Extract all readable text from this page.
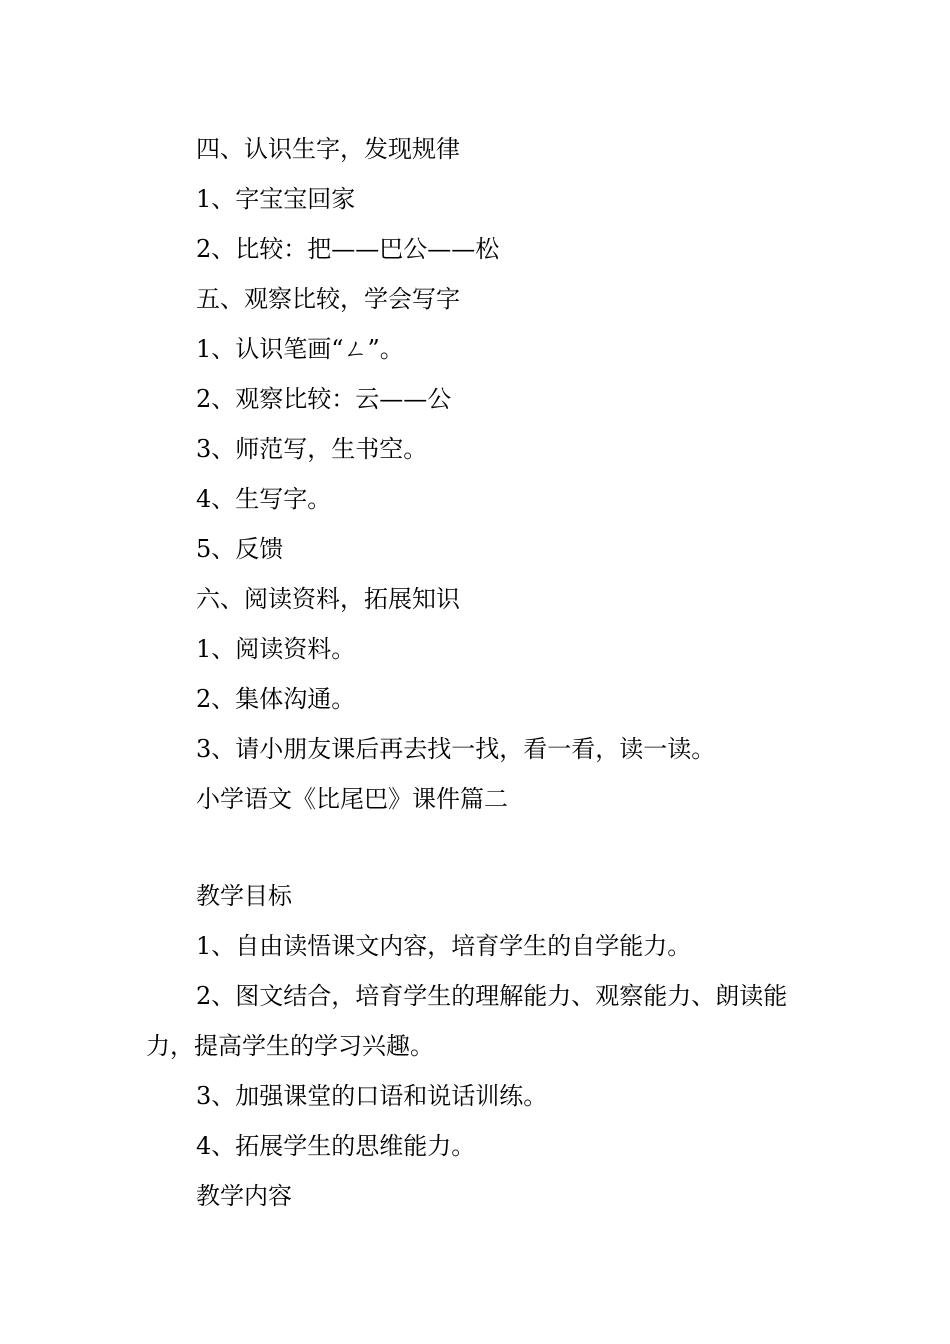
四、认识生字，发现规律

1、字宝宝回家

2、比较：把——巴公——松

五、观察比较，学会写字

1、认识笔画“ㄥ”。

2、观察比较：云——公

3、师范写，生书空。

4、生写字。

5、反馈

六、阅读资料，拓展知识

1、阅读资料。

2、集体沟通。

3、请小朋友课后再去找一找，看一看，读一读。

小学语文《比尾巴》课件篇二

教学目标

1、自由读悟课文内容，培育学生的自学能力。

2、图文结合，培育学生的理解能力、观察能力、朗读能力，提高学生的学习兴趣。

3、加强课堂的口语和说话训练。

4、拓展学生的思维能力。

教学内容
